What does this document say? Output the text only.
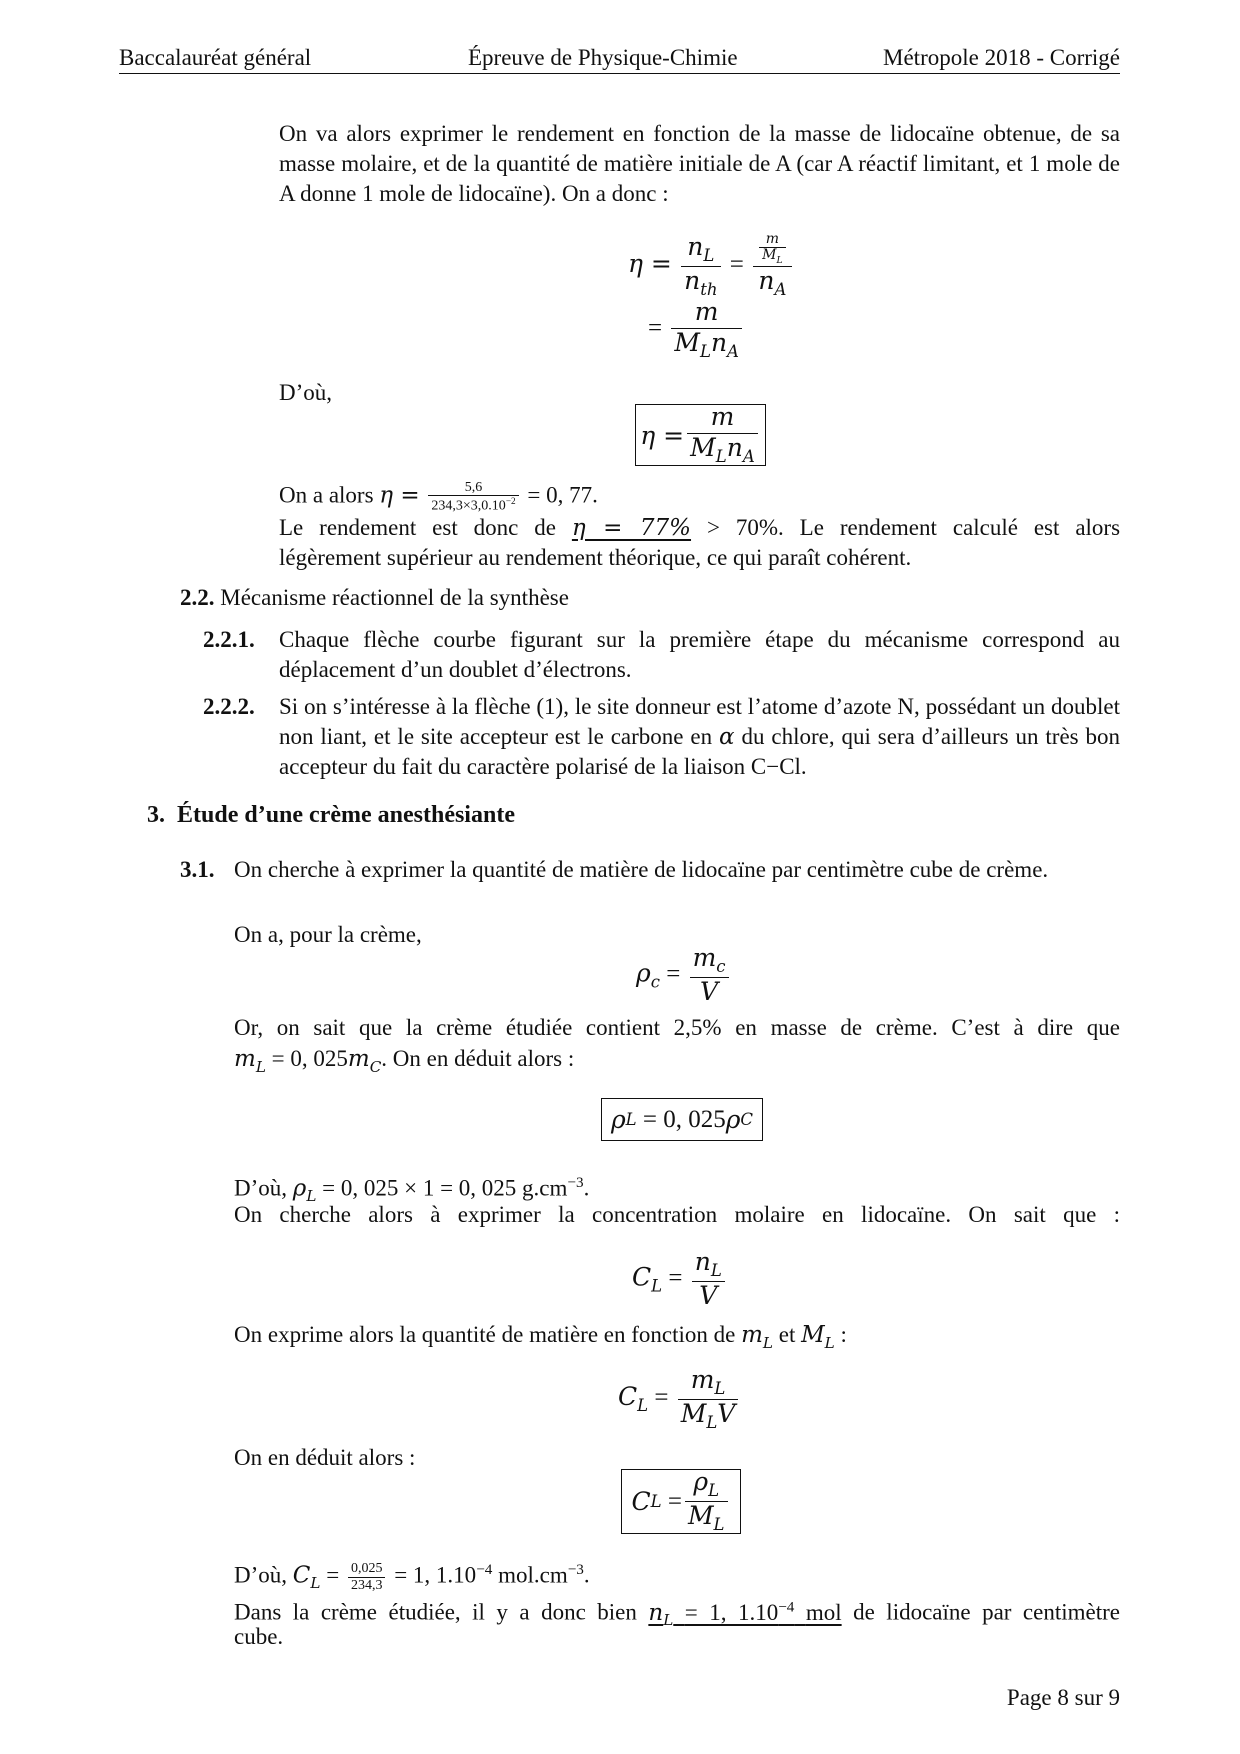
Baccalauréat général	Épreuve de Physique-Chimie	Métropole 2018 - Corrigé

On va alors exprimer le rendement en fonction de la masse de lidocaïne obtenue, de sa masse molaire, et de la quantité de matière initiale de A (car A réactif limitant, et 1 mole de A donne 1 mole de lidocaïne). On a donc :

η =
$n_L$
$n_{th}$
= $\frac{m}{M_L}$
$n_A$
=
m
$M_Ln_A$
D’où,
η =
m
$M_Ln_A$
On a alors $\eta = \frac{5,6}{234,3\times 3,0.10^{-2}} = 0$, 77.
Le rendement est donc de η = 77% > 70%. Le rendement calculé est alors
légèrement supérieur au rendement théorique, ce qui paraît cohérent.
2.2. Mécanisme réactionnel de la synthèse
2.2.1. Chaque flèche courbe figurant sur la première étape du mécanisme correspond au déplacement d’un doublet d’électrons.

2.2.2. Si on s’intéresse à la flèche (1), le site donneur est l’atome d’azote N, possédant un doublet non liant, et le site accepteur est le carbone en α du chlore, qui sera d’ailleurs un très bon accepteur du fait du caractère polarisé de la liaison C−Cl.

3. Étude d’une crème anesthésiante
3.1. On cherche à exprimer la quantité de matière de lidocaïne par centimètre cube de crème.

On a, pour la crème,
$\rho_c = \frac{m_c}{V}$
Or, on sait que la crème étudiée contient 2,5% en masse de crème. C’est à dire que
$m_L = 0$, $025m_C$. On en déduit alors :
ρ L
= 0, 025 ρ C
D’où, $\rho_L = 0$, 025 × 1 = 0, 025 $g.cm^{-3}$.
On cherche alors à exprimer la concentration molaire en lidocaïne. On sait que :
$C_L = \frac{n_L}{V}$
On exprime alors la quantité de matière en fonction de $m_L$ et $M_L$ :
$C_L$ =
$m_L$
$M_LV$
On en déduit alors :
C L
= $\frac{\rho_L}{M_L}$
D’où, $C_L = \frac{0,025}{234,3} = 1$, $1.10^{-4}$ $mol.cm^{-3}$.
Dans la crème étudiée, il y a donc bien $n_L = 1$, $1.10^{-4}$ mol de lidocaïne par centimètre
cube.
Page 8 sur 9
